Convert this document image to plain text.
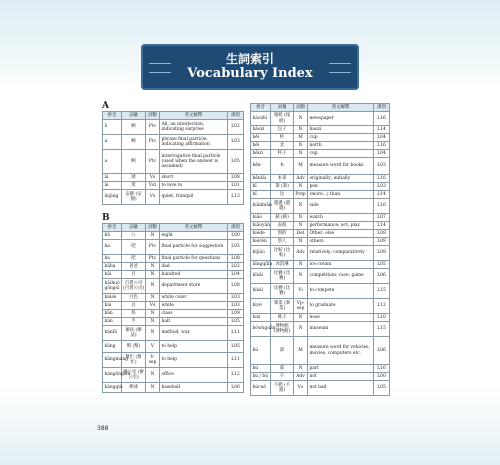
生詞索引
Vocabulary Index
A
拼音	詞彙	詞類	英文解釋	課別
ā	啊	Ptc	Ah, an interjection, indicating surprise	L02
a	啊	Ptc	phrase final particle, indicating affirmation	L03
a	啊	Ptc	interrogative final particle (used when the answer is assumed)	L05
ǎi	矮	Vs	short	L08
ài	愛	Vst	to love to	L01
ānjìng	安靜 (安靜)	Vs	quiet; tranquil	L13
B
拼音	詞彙	詞類	英文解釋	課別
bā	八	N	eight	L00
ba	吧	Ptc	final particle for suggestion	L05
ba	吧	Ptc	final particle for questions	L08
bàba	爸爸	N	dad	L02
bǎi	百	N	hundred	L04
bǎihuò gōngsī	百貨公司 (百貨公司)	N	department store	L08
báisè	白色	N	white color	L03
bái	白	Vs	white	L03
bān	班	N	class	L09
bàn	半	N	half	L05
bànfǎ	辦法 (辦法)	N	method; way	L11
bāng	幫 (幫)	V	to help	L05
bāngmáng	幫忙 (幫忙)	V-sep	to help	L11
bàngōngshì	辦公室 (辦公室)	N	office	L12
bàngqiú	棒球	N	baseball	L06
拼音	詞彙	詞類	英文解釋	課別
bàozhǐ	報紙 (報紙)	N	newspaper	L16
bāozi	包子	N	baozi	L14
bēi	杯	M	cup	L04
běi	北	N	north	L16
bēizi	杯子	N	cup	L04
běn	本	M	measure word for books	L03
běnlái	本來	Adv	originally; initially	L16
bǐ	筆 (筆)	N	pen	L03
bǐ	比	Prep	(more...) than	L14
biānbiān	邊邊 (邊邊)	N	side	L16
biǎo	錶 (錶)	N	watch	L07
biǎoyǎn	表演	N	performance; act; play	L14
biéde	別的	Det	Other; else	L09
biérén	別人	N	others	L09
bǐjiào	比較 (比較)	Adv	relatively; comparatively	L09
bīngqílín	冰淇淋	N	ice cream	L05
bǐsài	比賽 (比賽)	N	competition; race; game	L06
bǐsài	比賽 (比賽)	Vi	to compete	L15
bìyè	畢業 (畢業)	Vp-sep	to graduate	L12
bízi	鼻子	N	nose	L10
bówùguǎn	博物館 (博物館)	N	museum	L15
bù	部	M	measure word for vehicles, movies, computers etc.	L06
bù	部	N	part	L16
bù / bú	不	Adv	not	L00
búcuò	不錯 (不錯)	Vs	not bad	L05
388
